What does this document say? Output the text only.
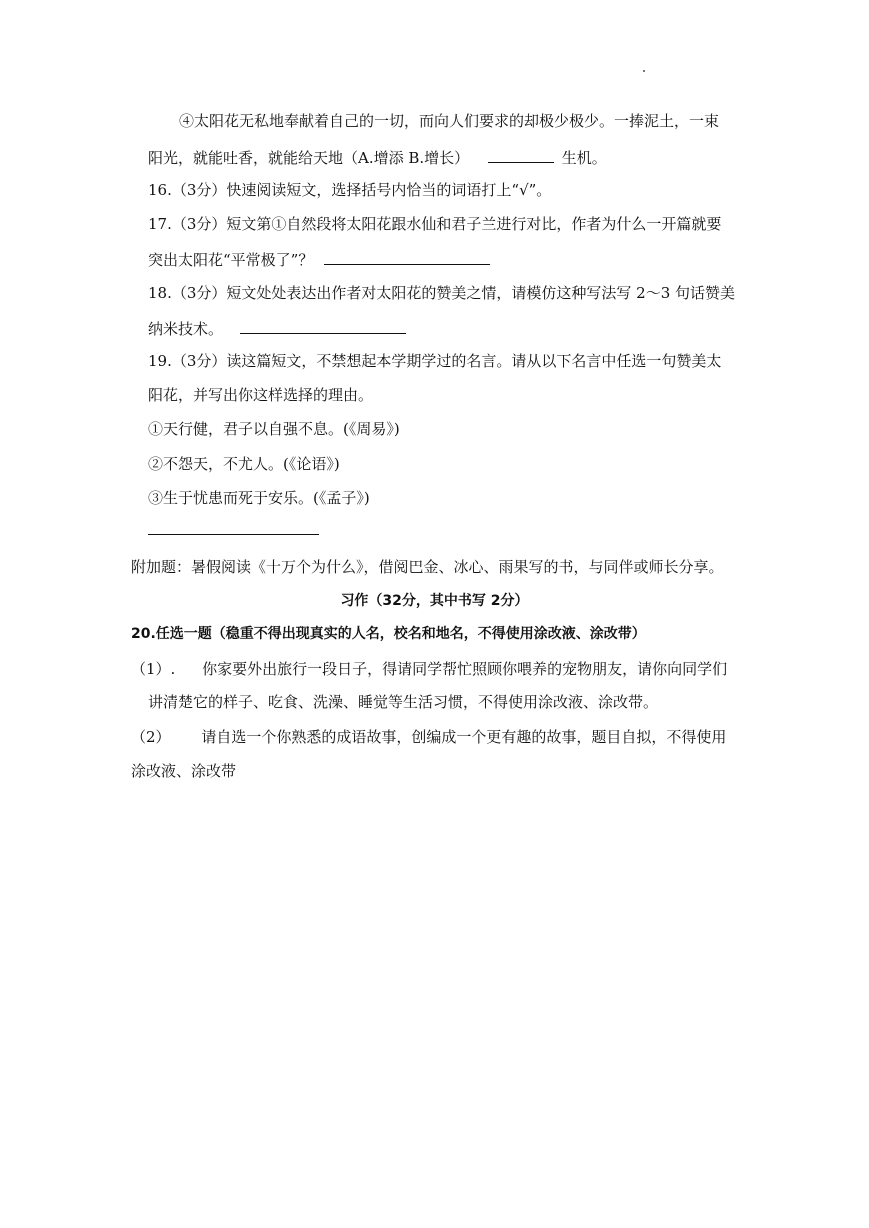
④太阳花无私地奉献着自己的一切，而向人们要求的却极少极少。一捧泥土，一束
阳光，就能吐香，就能给天地（A.增添 B.增长）	生机。
16.（3分）快速阅读短文，选择括号内恰当的词语打上“√”。
17.（3分）短文第①自然段将太阳花跟水仙和君子兰进行对比，作者为什么一开篇就要
突出太阳花“平常极了”？
18.（3分）短文处处表达出作者对太阳花的赞美之情，请模仿这种写法写 2～3 句话赞美
纳米技术。
19.（3分）读这篇短文，不禁想起本学期学过的名言。请从以下名言中任选一句赞美太
阳花，并写出你这样选择的理由。
①天行健，君子以自强不息。(《周易》)
②不怨天，不尤人。(《论语》)
③生于忧患而死于安乐。(《孟子》)
附加题：暑假阅读《十万个为什么》，借阅巴金、冰心、雨果写的书，与同伴或师长分享。
习作（32分，其中书写 2分）
20.任选一题（稳重不得出现真实的人名，校名和地名，不得使用涂改液、涂改带）
（1）. 你家要外出旅行一段日子，得请同学帮忙照顾你喂养的宠物朋友，请你向同学们
讲清楚它的样子、吃食、洗澡、睡觉等生活习惯，不得使用涂改液、涂改带。
（2） 请自选一个你熟悉的成语故事，创编成一个更有趣的故事，题目自拟，不得使用
涂改液、涂改带
